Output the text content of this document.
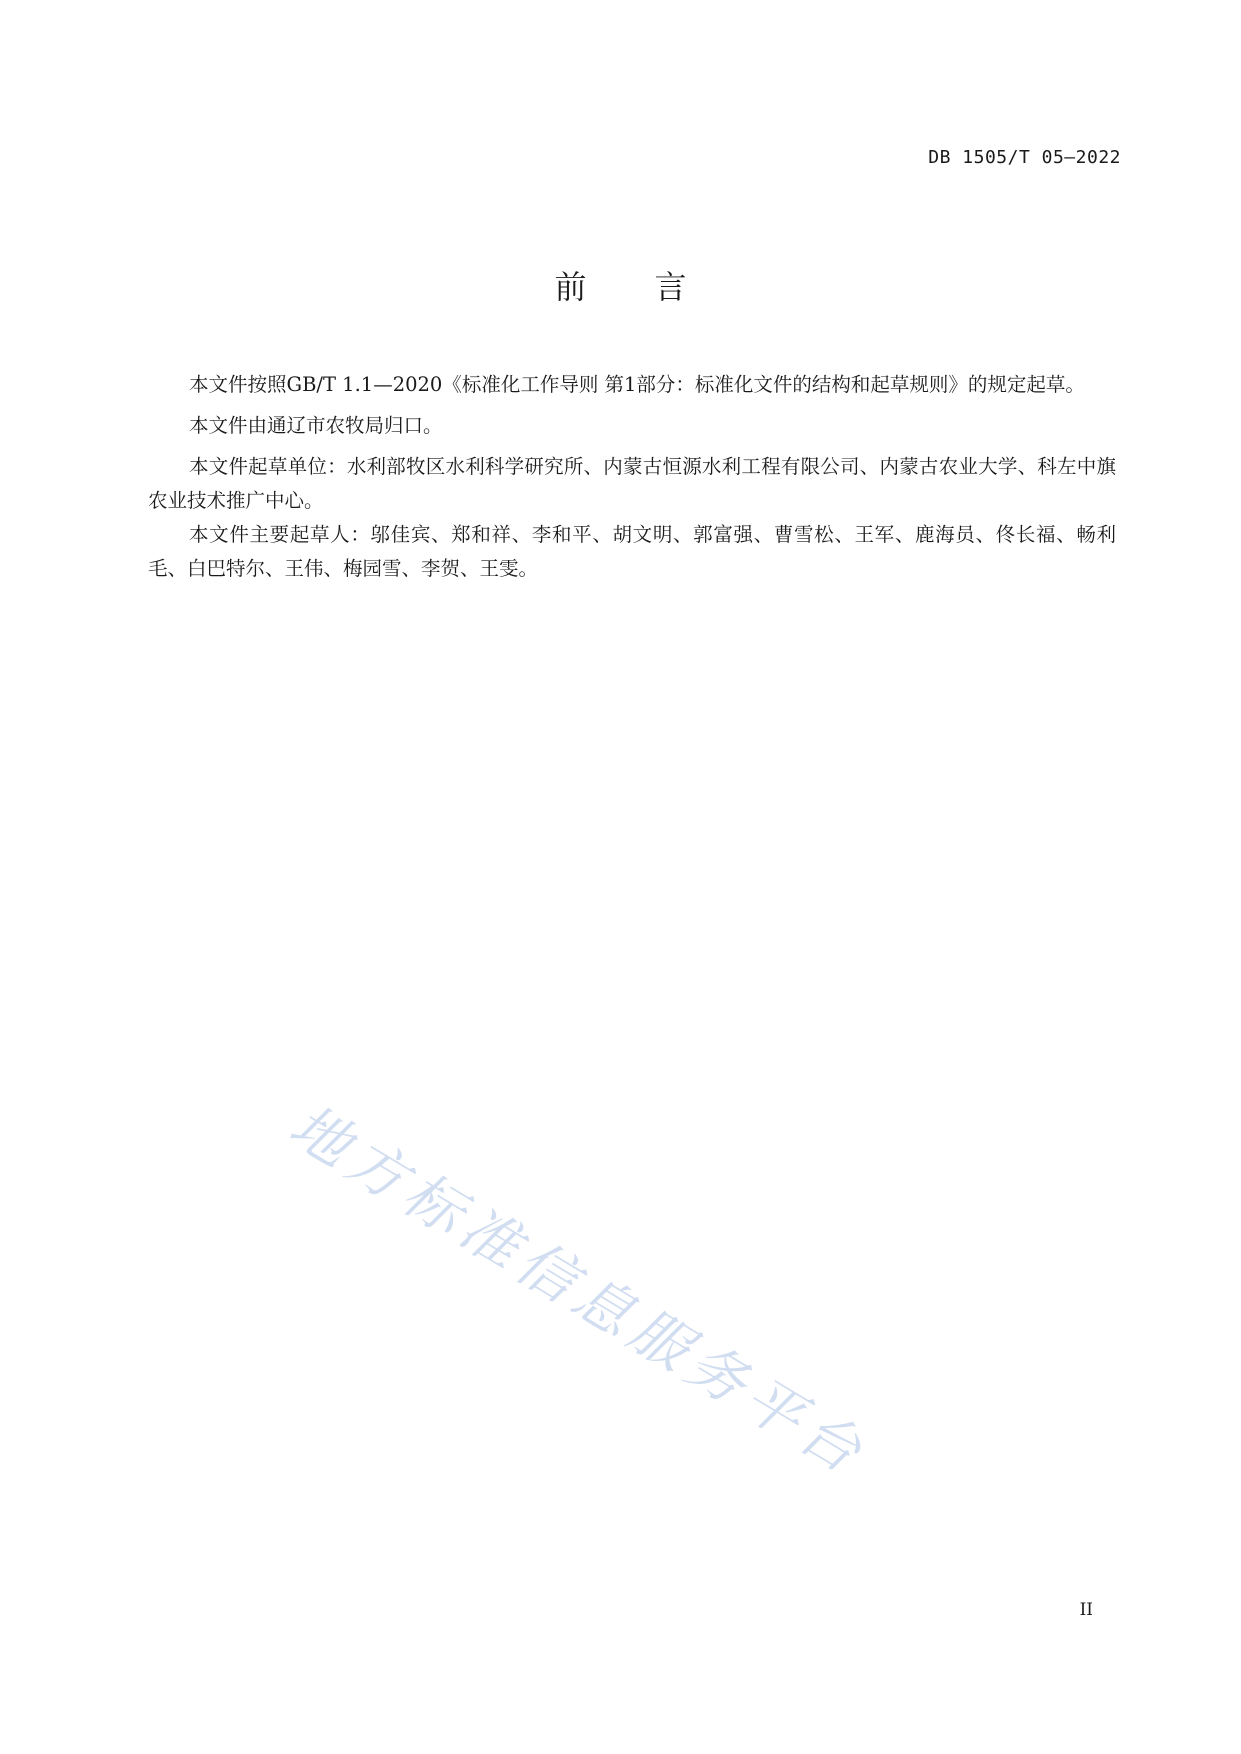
DB 1505/T 05—2022
前 言

本文件按照GB/T 1.1—2020《标准化工作导则 第1部分：标准化文件的结构和起草规则》的规定起草。

本文件由通辽市农牧局归口。

本文件起草单位：水利部牧区水利科学研究所、内蒙古恒源水利工程有限公司、内蒙古农业大学、科左中旗农业技术推广中心。

本文件主要起草人：邬佳宾、郑和祥、李和平、胡文明、郭富强、曹雪松、王军、鹿海员、佟长福、畅利毛、白巴特尔、王伟、梅园雪、李贺、王雯。

地方标准信息服务平台
II
